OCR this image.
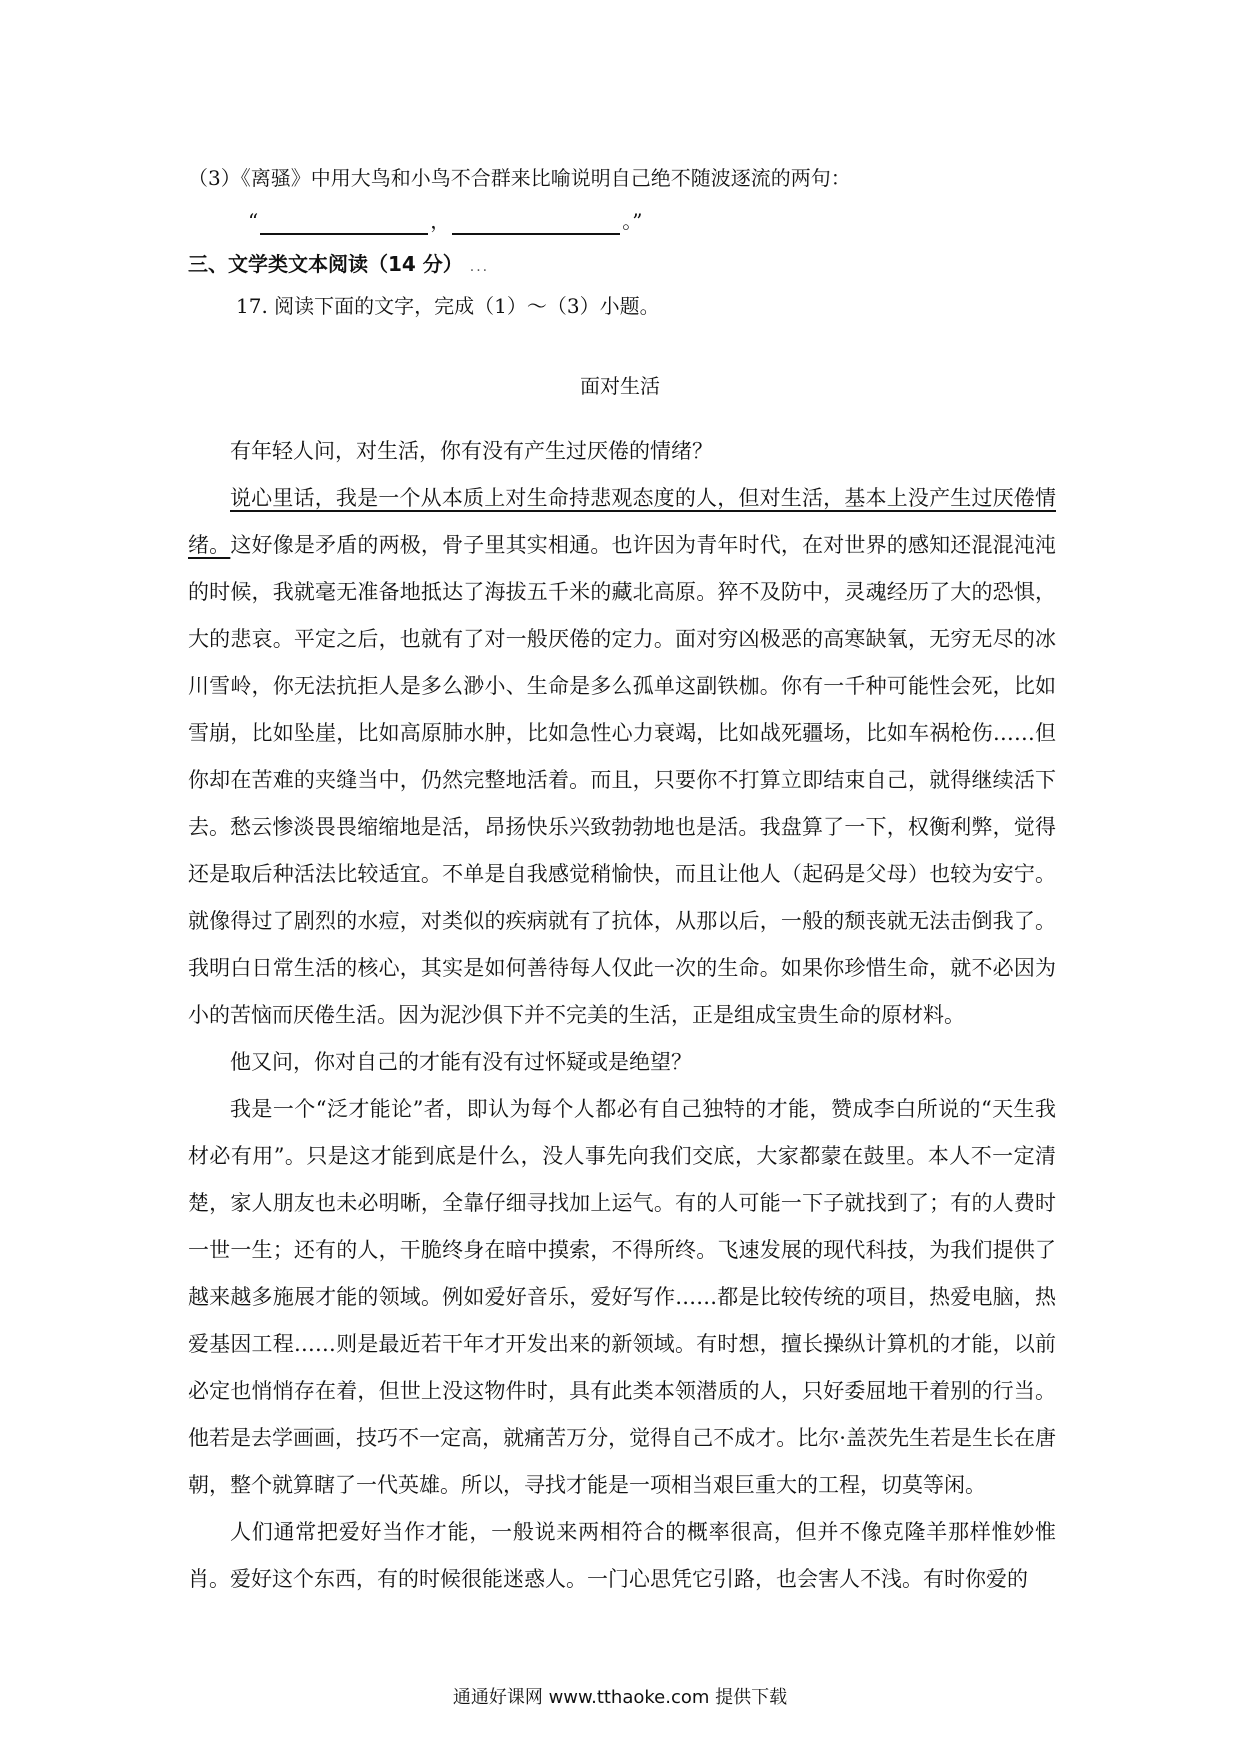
（3）《离骚》中用大鸟和小鸟不合群来比喻说明自己绝不随波逐流的两句：
“	，	。”
三、文学类文本阅读（14 分） ...
17. 阅读下面的文字，完成（1）～（3）小题。
面对生活
有年轻人问，对生活，你有没有产生过厌倦的情绪？
说心里话，我是一个从本质上对生命持悲观态度的人，但对生活，基本上没产生过厌倦情绪。这好像是矛盾的两极，骨子里其实相通。也许因为青年时代，在对世界的感知还混混沌沌的时候，我就毫无准备地抵达了海拔五千米的藏北高原。猝不及防中，灵魂经历了大的恐惧，大的悲哀。平定之后，也就有了对一般厌倦的定力。面对穷凶极恶的高寒缺氧，无穷无尽的冰川雪岭，你无法抗拒人是多么渺小、生命是多么孤单这副铁枷。你有一千种可能性会死，比如雪崩，比如坠崖，比如高原肺水肿，比如急性心力衰竭，比如战死疆场，比如车祸枪伤……但你却在苦难的夹缝当中，仍然完整地活着。而且，只要你不打算立即结束自己，就得继续活下去。 愁云惨淡畏畏缩缩地是活，昂扬快乐兴致勃勃地也是活。我盘算了一下，权衡利弊，觉得还是取后种活法比较适宜。不单是自我感觉稍愉快，而且让他人（起码是父母）也较为安宁。就像得过了剧烈的水痘，对类似的疾病就有了抗体，从那以后，一般的颓丧就无法击倒我了。我明白日常生活的核心，其实是如何善待每人仅此一次的生命。如果你珍惜生命，就不必因为小的苦恼而厌倦生活。因为泥沙俱下并不完美的生活，正是组成宝贵生命的原材料。
他又问，你对自己的才能有没有过怀疑或是绝望？
我是一个“泛才能论”者，即认为每个人都必有自己独特的才能，赞成李白所说的“天生我材必有用”。只是这才能到底是什么，没人事先向我们交底，大家都蒙在鼓里。本人不一定清楚，家人朋友也未必明晰，全靠仔细寻找加上运气。有的人可能一下子就找到了；有的人费时一世一生；还有的人，干脆终身在暗中摸索，不得所终。飞速发展的现代科技，为我们提供了越来越多施展才能的领域。例如爱好音乐，爱好写作……都是比较传统的项目，热爱电脑，热爱基因工程……则是最近若干年才开发出来的新领域。有时想，擅长操纵计算机的才能，以前必定也悄悄存在着，但世上没这物件时，具有此类本领潜质的人，只好委屈地干着别的行当。他若是去学画画，技巧不一定高，就痛苦万分，觉得自己不成才。比尔·盖茨先生若是生长在唐朝，整个就算瞎了一代英雄。所以，寻找才能是一项相当艰巨重大的工程，切莫等闲。
人们通常把爱好当作才能，一般说来两相符合的概率很高，但并不像克隆羊那样惟妙惟肖。爱好这个东西，有的时候很能迷惑人。一门心思凭它引路，也会害人不浅。有时你爱的
通通好课网 www.tthaoke.com 提供下载
